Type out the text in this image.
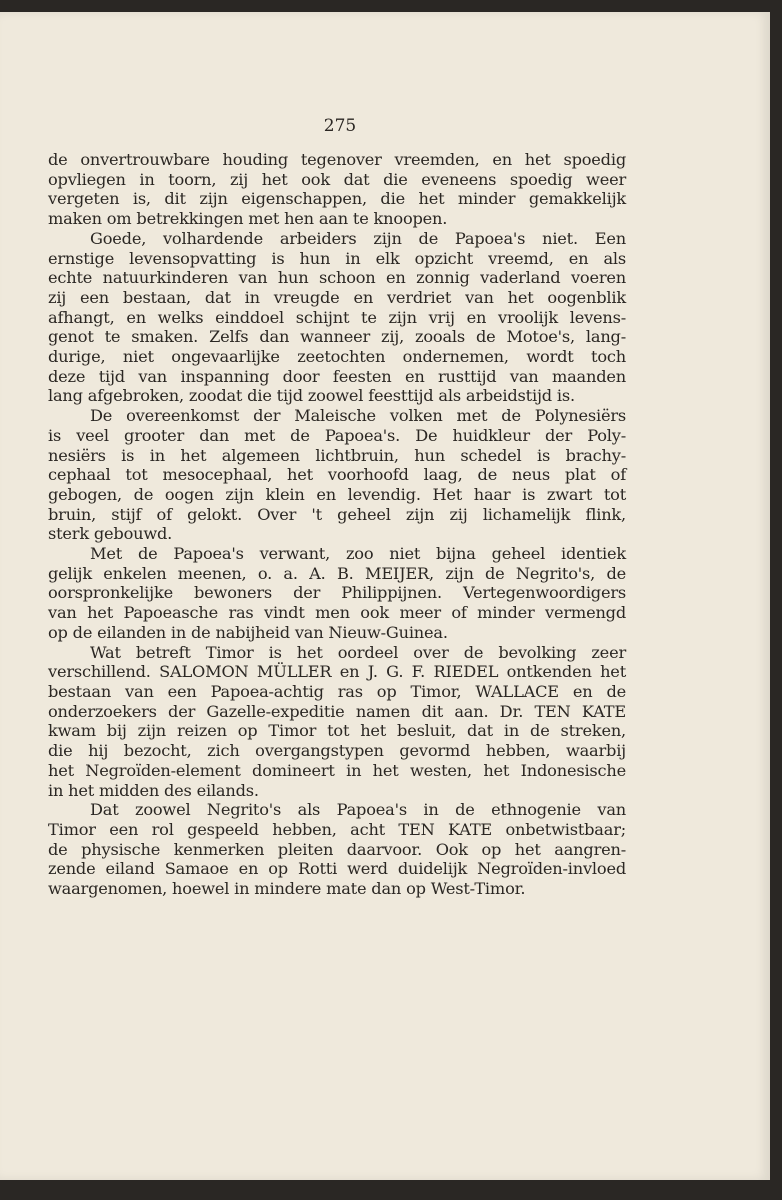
275
de onvertrouwbare houding tegenover vreemden, en het spoedig
opvliegen in toorn, zij het ook dat die eveneens spoedig weer
vergeten is, dit zijn eigenschappen, die het minder gemakkelijk
maken om betrekkingen met hen aan te knoopen.
Goede, volhardende arbeiders zijn de Papoea's niet. Een
ernstige levensopvatting is hun in elk opzicht vreemd, en als
echte natuurkinderen van hun schoon en zonnig vaderland voeren
zij een bestaan, dat in vreugde en verdriet van het oogenblik
afhangt, en welks einddoel schijnt te zijn vrij en vroolijk levens-
genot te smaken. Zelfs dan wanneer zij, zooals de Motoe's, lang-
durige, niet ongevaarlijke zeetochten ondernemen, wordt toch
deze tijd van inspanning door feesten en rusttijd van maanden
lang afgebroken, zoodat die tijd zoowel feesttijd als arbeidstijd is.
De overeenkomst der Maleische volken met de Polynesiërs
is veel grooter dan met de Papoea's. De huidkleur der Poly-
nesiërs is in het algemeen lichtbruin, hun schedel is brachy-
cephaal tot mesocephaal, het voorhoofd laag, de neus plat of
gebogen, de oogen zijn klein en levendig. Het haar is zwart tot
bruin, stijf of gelokt. Over 't geheel zijn zij lichamelijk flink,
sterk gebouwd.
Met de Papoea's verwant, zoo niet bijna geheel identiek
gelijk enkelen meenen, o. a. A. B. MEIJER, zijn de Negrito's, de
oorspronkelijke bewoners der Philippijnen. Vertegenwoordigers
van het Papoeasche ras vindt men ook meer of minder vermengd
op de eilanden in de nabijheid van Nieuw-Guinea.
Wat betreft Timor is het oordeel over de bevolking zeer
verschillend. SALOMON MÜLLER en J. G. F. RIEDEL ontkenden het
bestaan van een Papoea-achtig ras op Timor, WALLACE en de
onderzoekers der Gazelle-expeditie namen dit aan. Dr. TEN KATE
kwam bij zijn reizen op Timor tot het besluit, dat in de streken,
die hij bezocht, zich overgangstypen gevormd hebben, waarbij
het Negroïden-element domineert in het westen, het Indonesische
in het midden des eilands.
Dat zoowel Negrito's als Papoea's in de ethnogenie van
Timor een rol gespeeld hebben, acht TEN KATE onbetwistbaar;
de physische kenmerken pleiten daarvoor. Ook op het aangren-
zende eiland Samaoe en op Rotti werd duidelijk Negroïden-invloed
waargenomen, hoewel in mindere mate dan op West-Timor.
